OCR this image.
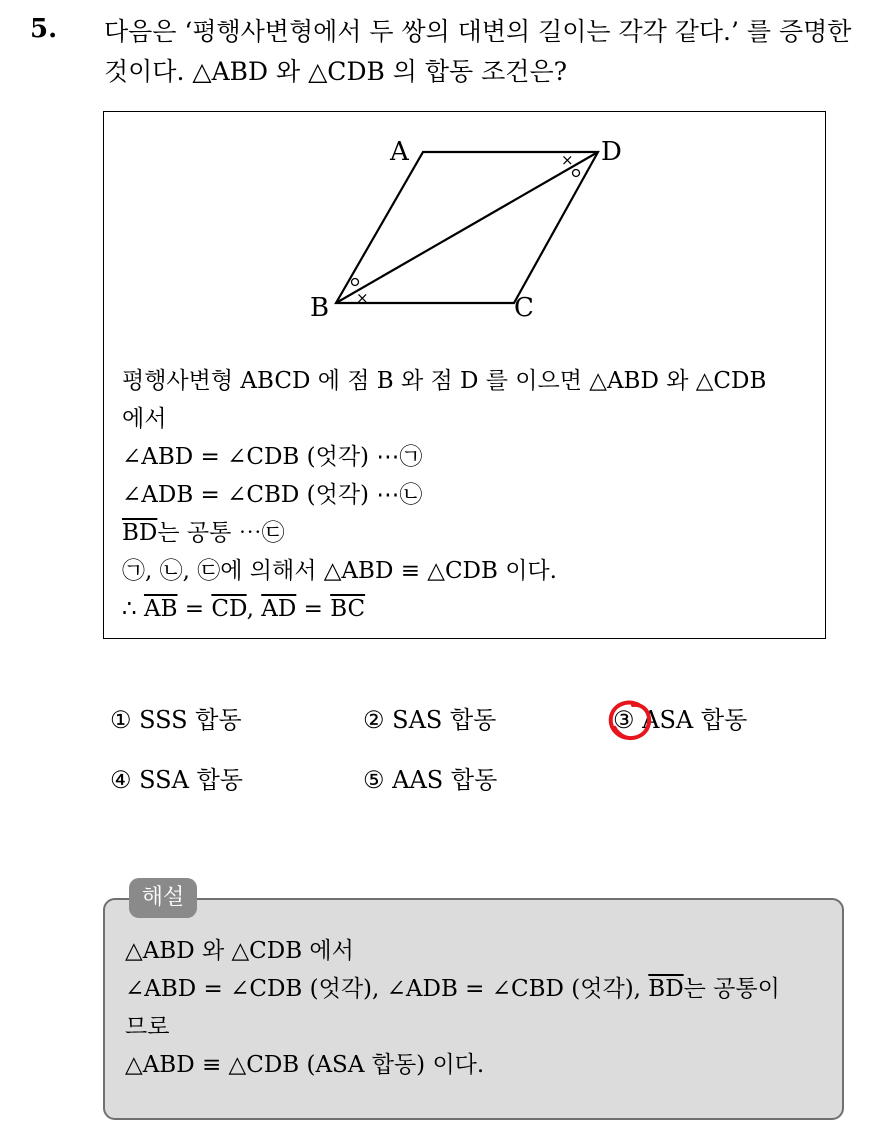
5. 다음은 ‘평행사변형에서 두 쌍의 대변의 길이는 각각 같다.’ 를 증명한
것이다. △ABD 와 △CDB 의 합동 조건은?
A
B	C
D
×
×
평행사변형 ABCD 에 점 B 와 점 D 를 이으면 △ABD 와 △CDB
에서
∠ABD = ∠CDB (엇각) ⋯㉠
∠ADB = ∠CBD (엇각) ⋯㉡
$\overline{BD}$는 공통 ⋯㉢
㉠, ㉡, ㉢에 의해서 △ABD ≡ △CDB 이다.
∴ $\overline{AB} = \overline{CD}$, $\overline{AD} = \overline{BC}$
① SSS 합동	② SAS 합동	③ ASA 합동
④ SSA 합동	⑤ AAS 합동
△ABD 와 △CDB 에서
∠ABD = ∠CDB (엇각), ∠ADB = ∠CBD (엇각), $\overline{BD}$는 공통이
므로
△ABD ≡ △CDB (ASA 합동) 이다.
해설
